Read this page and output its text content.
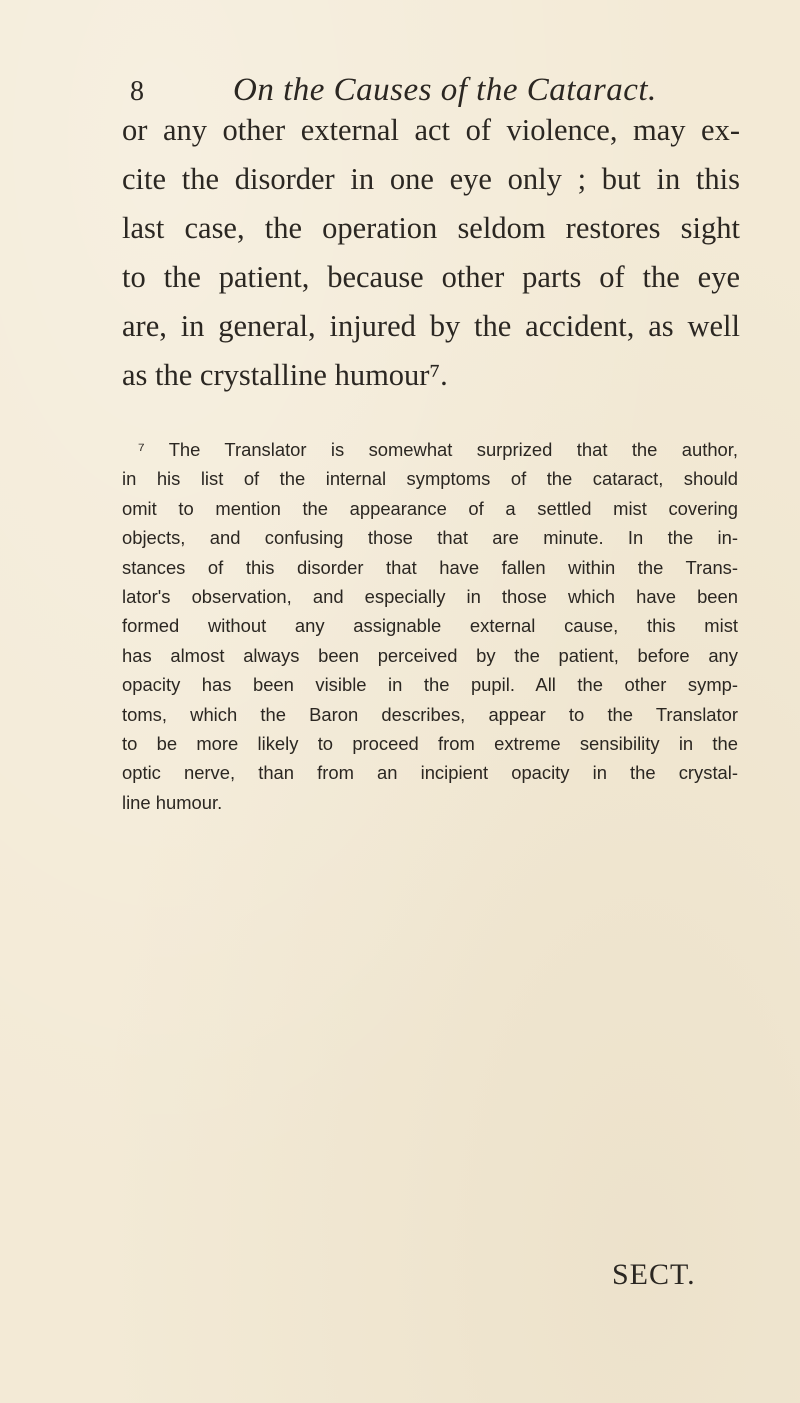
8	On the Causes of the Cataract.
or any other external act of violence, may ex-
cite the disorder in one eye only ; but in this
last case, the operation seldom restores sight
to the patient, because other parts of the eye
are, in general, injured by the accident, as well
as the crystalline humour⁷.
⁷ The Translator is somewhat surprized that the author,
in his list of the internal symptoms of the cataract, should
omit to mention the appearance of a settled mist covering
objects, and confusing those that are minute. In the in-
stances of this disorder that have fallen within the Trans-
lator's observation, and especially in those which have been
formed without any assignable external cause, this mist
has almost always been perceived by the patient, before any
opacity has been visible in the pupil. All the other symp-
toms, which the Baron describes, appear to the Translator
to be more likely to proceed from extreme sensibility in the
optic nerve, than from an incipient opacity in the crystal-
line humour.
SECT.
